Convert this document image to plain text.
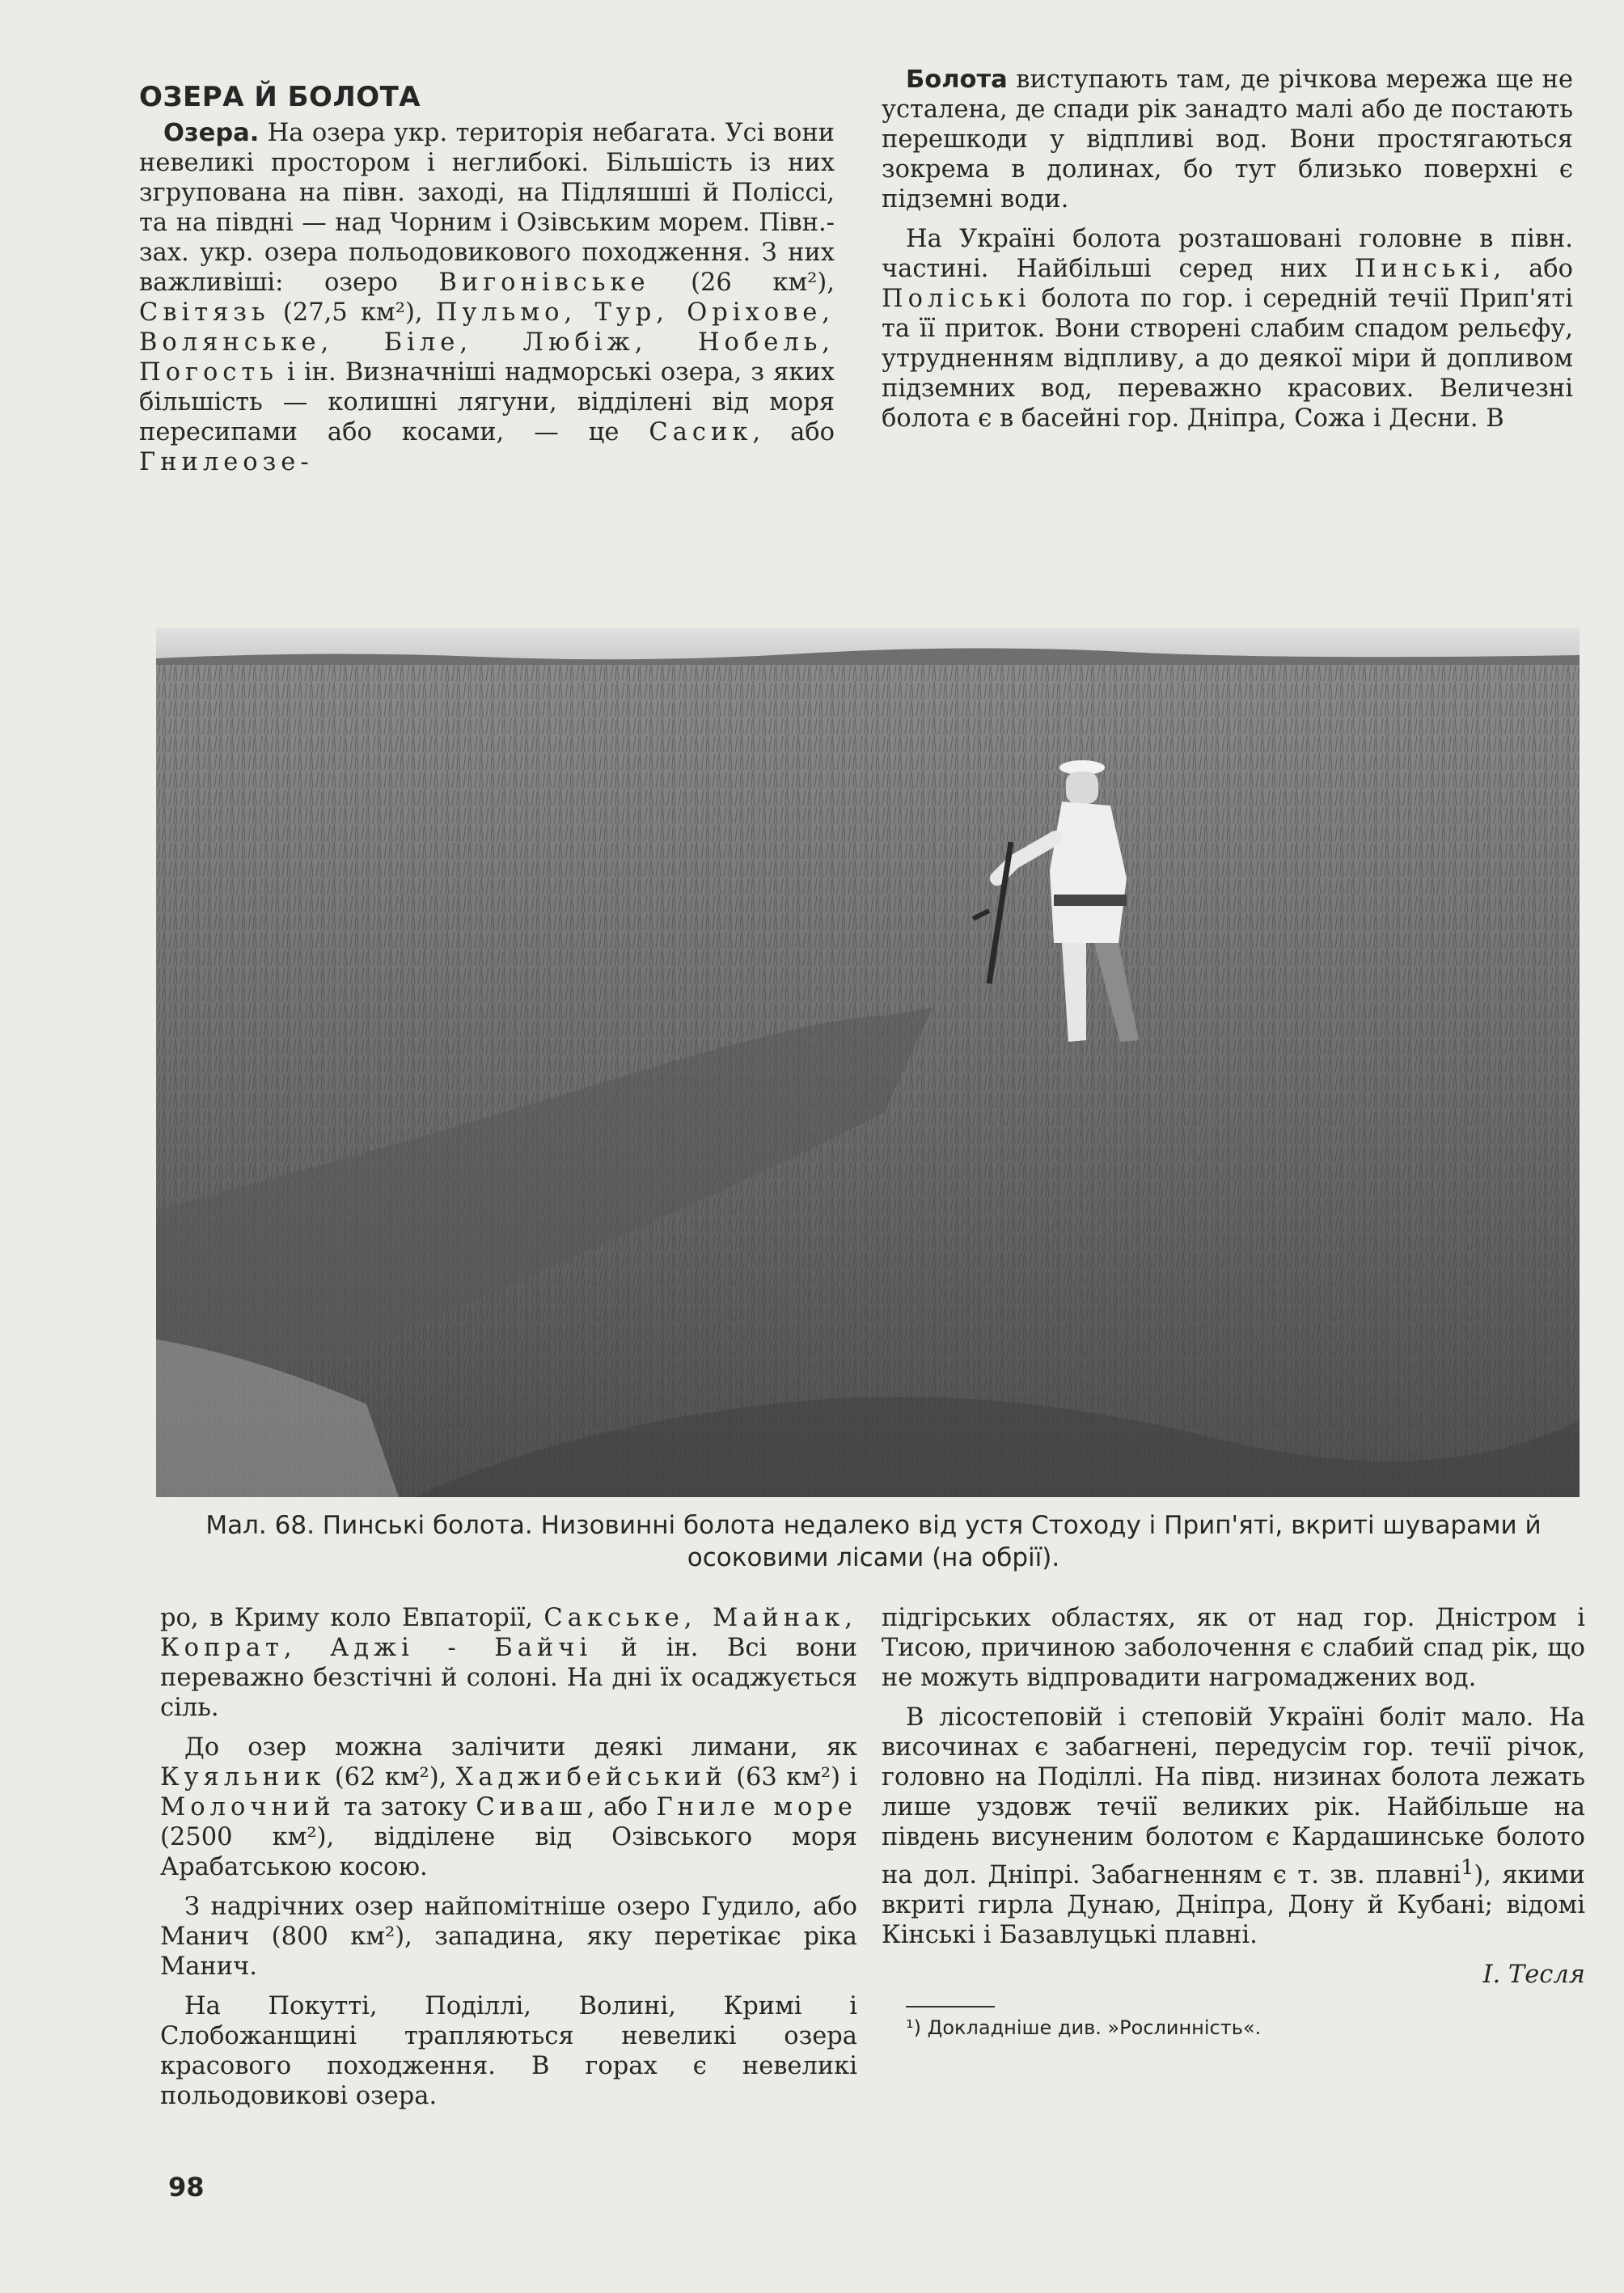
ОЗЕРА Й БОЛОТА

Озера. На озера укр. територія небагата. Усі вони невеликі простором і неглибокі. Більшість із них згрупована на півн. заході, на Підляшші й Поліссі, та на півдні — над Чорним і Озівським морем. Півн.-зах. укр. озера польодовикового походження. З них важливіші: озеро Вигонівське (26 км²), Світязь (27,5 км²), Пульмо, Тур, Оріхове, Волянське, Біле, Любіж, Нобель, Погость і ін. Визначніші надморські озера, з яких більшість — колишні лягуни, відділені від моря пересипами або косами, — це Сасик, або Гнилеозе-

Болота виступають там, де річкова мережа ще не усталена, де спади рік занадто малі або де постають перешкоди у відпливі вод. Вони простягаються зокрема в долинах, бо тут близько поверхні є підземні води.

На Україні болота розташовані головне в півн. частині. Найбільші серед них Пинські, або Поліські болота по гор. і середній течії Прип'яті та її приток. Вони створені слабим спадом рельєфу, утрудненням відпливу, а до деякої міри й допливом підземних вод, переважно красових. Величезні болота є в басейні гор. Дніпра, Сожа і Десни. В

Мал. 68. Пинські болота. Низовинні болота недалеко від устя Стоходу і Прип'яті, вкриті шуварами й осоковими лісами (на обрії).

ро, в Криму коло Евпаторії, Сакське, Майнак, Копрат, Аджі - Байчі й ін. Всі вони переважно безстічні й солоні. На дні їх осаджується сіль.

До озер можна залічити деякі лимани, як Куяльник (62 км²), Хаджибейський (63 км²) і Молочний та затоку Сиваш, або Гниле море (2500 км²), відділене від Озівського моря Арабатською косою.

З надрічних озер найпомітніше озеро Гудило, або Манич (800 км²), западина, яку перетікає ріка Манич.

На Покутті, Поділлі, Волині, Кримі і Слобожанщині трапляються невеликі озера красового походження. В горах є невеликі польодовикові озера.

підгірських областях, як от над гор. Дністром і Тисою, причиною заболочення є слабий спад рік, що не можуть відпровадити нагромаджених вод.

В лісостеповій і степовій Україні боліт мало. На височинах є забагнені, передусім гор. течії річок, головно на Поділлі. На півд. низинах болота лежать лише уздовж течії великих рік. Найбільше на південь висуненим болотом є Кардашинське болото на дол. Дніпрі. Забагненням є т. зв. плавні$^1$), якими вкриті гирла Дунаю, Дніпра, Дону й Кубані; відомі Кінські і Базавлуцькі плавні.

І. Тесля
¹) Докладніше див. »Рослинність«.
98
